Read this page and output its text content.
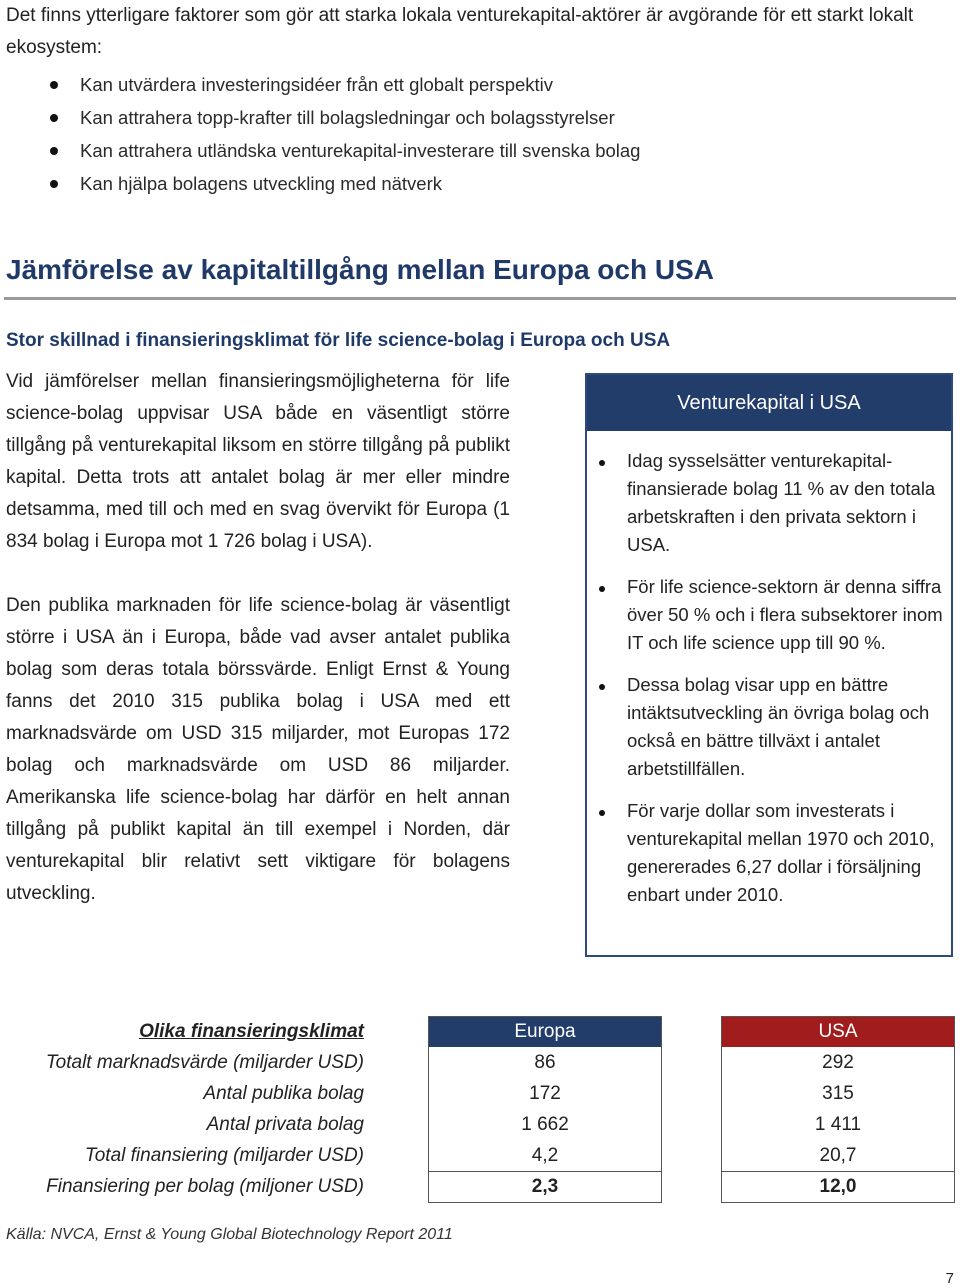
Det finns ytterligare faktorer som gör att starka lokala venturekapital-aktörer är avgörande för ett starkt lokalt ekosystem:

Kan utvärdera investeringsidéer från ett globalt perspektiv
Kan attrahera topp-krafter till bolagsledningar och bolagsstyrelser
Kan attrahera utländska venturekapital-investerare till svenska bolag
Kan hjälpa bolagens utveckling med nätverk
Jämförelse av kapitaltillgång mellan Europa och USA
Stor skillnad i finansieringsklimat för life science-bolag i Europa och USA

Vid jämförelser mellan finansieringsmöjligheterna för life science-bolag uppvisar USA både en väsentligt större tillgång på venturekapital liksom en större tillgång på publikt kapital. Detta trots att antalet bolag är mer eller mindre detsamma, med till och med en svag övervikt för Europa (1 834 bolag i Europa mot 1 726 bolag i USA).

Den publika marknaden för life science-bolag är väsentligt större i USA än i Europa, både vad avser antalet publika bolag som deras totala börssvärde. Enligt Ernst & Young fanns det 2010 315 publika bolag i USA med ett marknadsvärde om USD 315 miljarder, mot Europas 172 bolag och marknadsvärde om USD 86 miljarder. Amerikanska life science-bolag har därför en helt annan tillgång på publikt kapital än till exempel i Norden, där venturekapital blir relativt sett viktigare för bolagens utveckling.

Venturekapital i USA
Idag sysselsätter venturekapital-finansierade bolag 11 % av den totala arbetskraften i den privata sektorn i USA.
För life science-sektorn är denna siffra över 50 % och i flera subsektorer inom IT och life science upp till 90 %.
Dessa bolag visar upp en bättre intäktsutveckling än övriga bolag och också en bättre tillväxt i antalet arbetstillfällen.
För varje dollar som investerats i venturekapital mellan 1970 och 2010, genererades 6,27 dollar i försäljning enbart under 2010.
Olika finansieringsklimat
Totalt marknadsvärde (miljarder USD)
Antal publika bolag
Antal privata bolag
Total finansiering (miljarder USD)
Finansiering per bolag (miljoner USD)
Europa
86
172
1 662
4,2
2,3
USA
292
315
1 411
20,7
12,0
Källa: NVCA, Ernst & Young Global Biotechnology Report 2011
7
